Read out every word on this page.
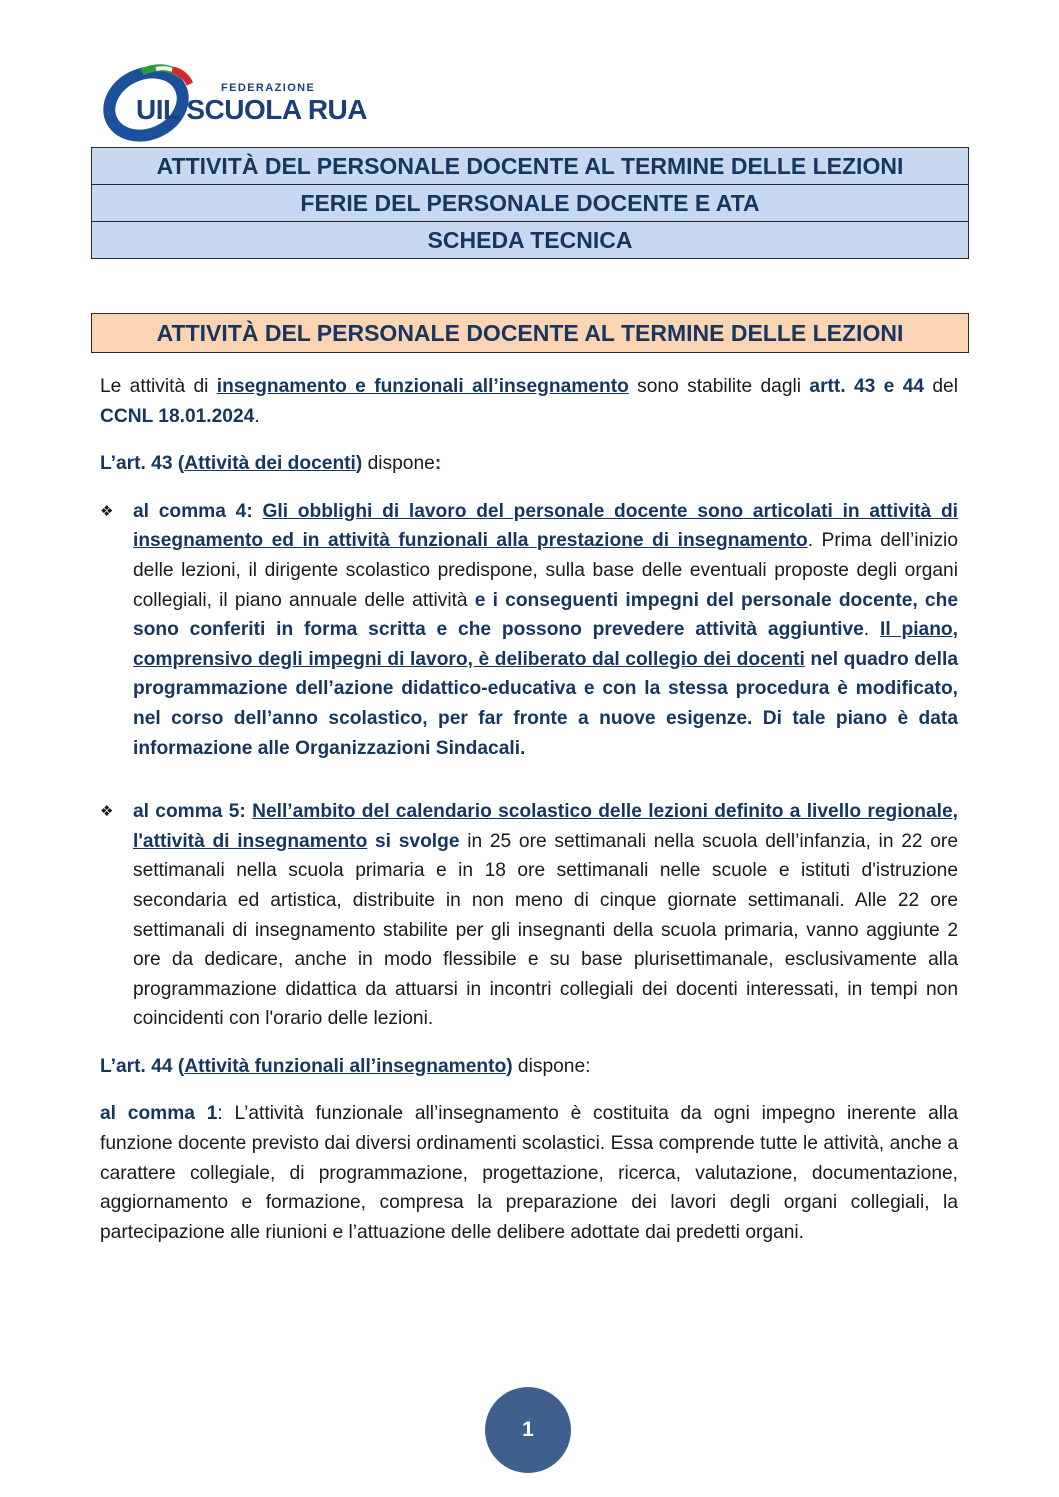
FEDERAZIONE
UIL SCUOLA RUA
ATTIVITÀ DEL PERSONALE DOCENTE AL TERMINE DELLE LEZIONI
FERIE DEL PERSONALE DOCENTE E ATA
SCHEDA TECNICA
ATTIVITÀ DEL PERSONALE DOCENTE AL TERMINE DELLE LEZIONI

Le attività di insegnamento e funzionali all’insegnamento sono stabilite dagli artt. 43 e 44 del CCNL 18.01.2024.

L’art. 43 (Attività dei docenti) dispone:

❖ al comma 4: Gli obblighi di lavoro del personale docente sono articolati in attività di insegnamento ed in attività funzionali alla prestazione di insegnamento. Prima dell’inizio delle lezioni, il dirigente scolastico predispone, sulla base delle eventuali proposte degli organi collegiali, il piano annuale delle attività e i conseguenti impegni del personale docente, che sono conferiti in forma scritta e che possono prevedere attività aggiuntive. Il piano, comprensivo degli impegni di lavoro, è deliberato dal collegio dei docenti nel quadro della programmazione dell’azione didattico-educativa e con la stessa procedura è modificato, nel corso dell’anno scolastico, per far fronte a nuove esigenze. Di tale piano è data informazione alle Organizzazioni Sindacali.

❖ al comma 5: Nell’ambito del calendario scolastico delle lezioni definito a livello regionale, l'attività di insegnamento si svolge in 25 ore settimanali nella scuola dell’infanzia, in 22 ore settimanali nella scuola primaria e in 18 ore settimanali nelle scuole e istituti d'istruzione secondaria ed artistica, distribuite in non meno di cinque giornate settimanali. Alle 22 ore settimanali di insegnamento stabilite per gli insegnanti della scuola primaria, vanno aggiunte 2 ore da dedicare, anche in modo flessibile e su base plurisettimanale, esclusivamente alla programmazione didattica da attuarsi in incontri collegiali dei docenti interessati, in tempi non coincidenti con l'orario delle lezioni.

L’art. 44 (Attività funzionali all’insegnamento) dispone:

al comma 1: L’attività funzionale all’insegnamento è costituita da ogni impegno inerente alla funzione docente previsto dai diversi ordinamenti scolastici. Essa comprende tutte le attività, anche a carattere collegiale, di programmazione, progettazione, ricerca, valutazione, documentazione, aggiornamento e formazione, compresa la preparazione dei lavori degli organi collegiali, la partecipazione alle riunioni e l’attuazione delle delibere adottate dai predetti organi.

1
